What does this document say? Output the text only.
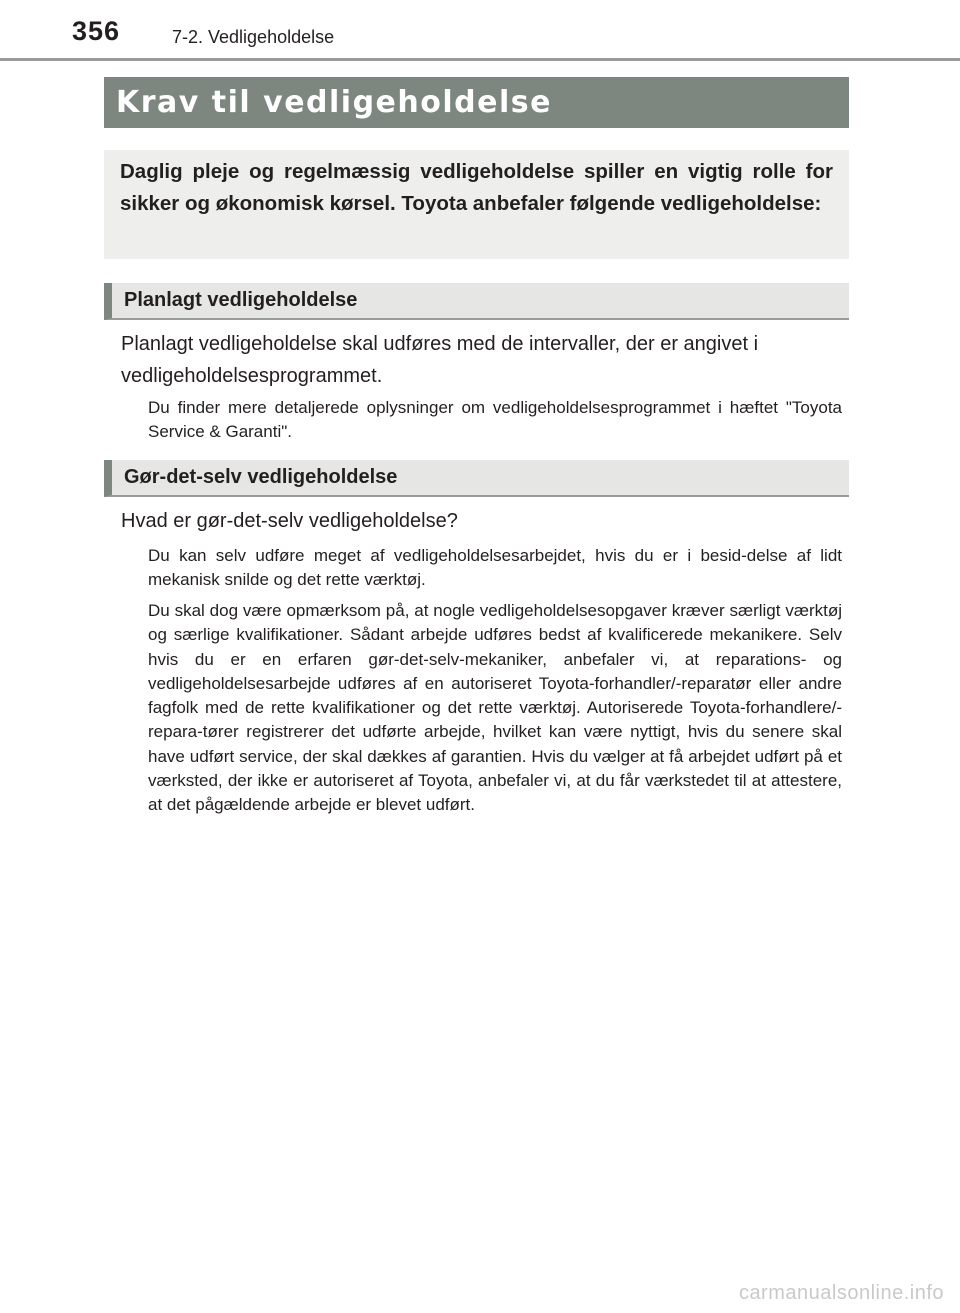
356	7-2. Vedligeholdelse
Krav til vedligeholdelse

Daglig pleje og regelmæssig vedligeholdelse spiller en vigtig rolle for sikker og økonomisk kørsel. Toyota anbefaler følgende vedligeholdelse:

Planlagt vedligeholdelse

Planlagt vedligeholdelse skal udføres med de intervaller, der er angivet i vedligeholdelsesprogrammet.

Du finder mere detaljerede oplysninger om vedligeholdelsesprogrammet i hæftet "Toyota Service & Garanti".

Gør-det-selv vedligeholdelse

Hvad er gør-det-selv vedligeholdelse?

Du kan selv udføre meget af vedligeholdelsesarbejdet, hvis du er i besid-delse af lidt mekanisk snilde og det rette værktøj.

Du skal dog være opmærksom på, at nogle vedligeholdelsesopgaver kræver særligt værktøj og særlige kvalifikationer. Sådant arbejde udføres bedst af kvalificerede mekanikere. Selv hvis du er en erfaren gør-det-selv-mekaniker, anbefaler vi, at reparations- og vedligeholdelsesarbejde udføres af en autoriseret Toyota-forhandler/-reparatør eller andre fagfolk med de rette kvalifikationer og det rette værktøj. Autoriserede Toyota-forhandlere/-repara-tører registrerer det udførte arbejde, hvilket kan være nyttigt, hvis du senere skal have udført service, der skal dækkes af garantien. Hvis du vælger at få arbejdet udført på et værksted, der ikke er autoriseret af Toyota, anbefaler vi, at du får værkstedet til at attestere, at det pågældende arbejde er blevet udført.

carmanualsonline.info
